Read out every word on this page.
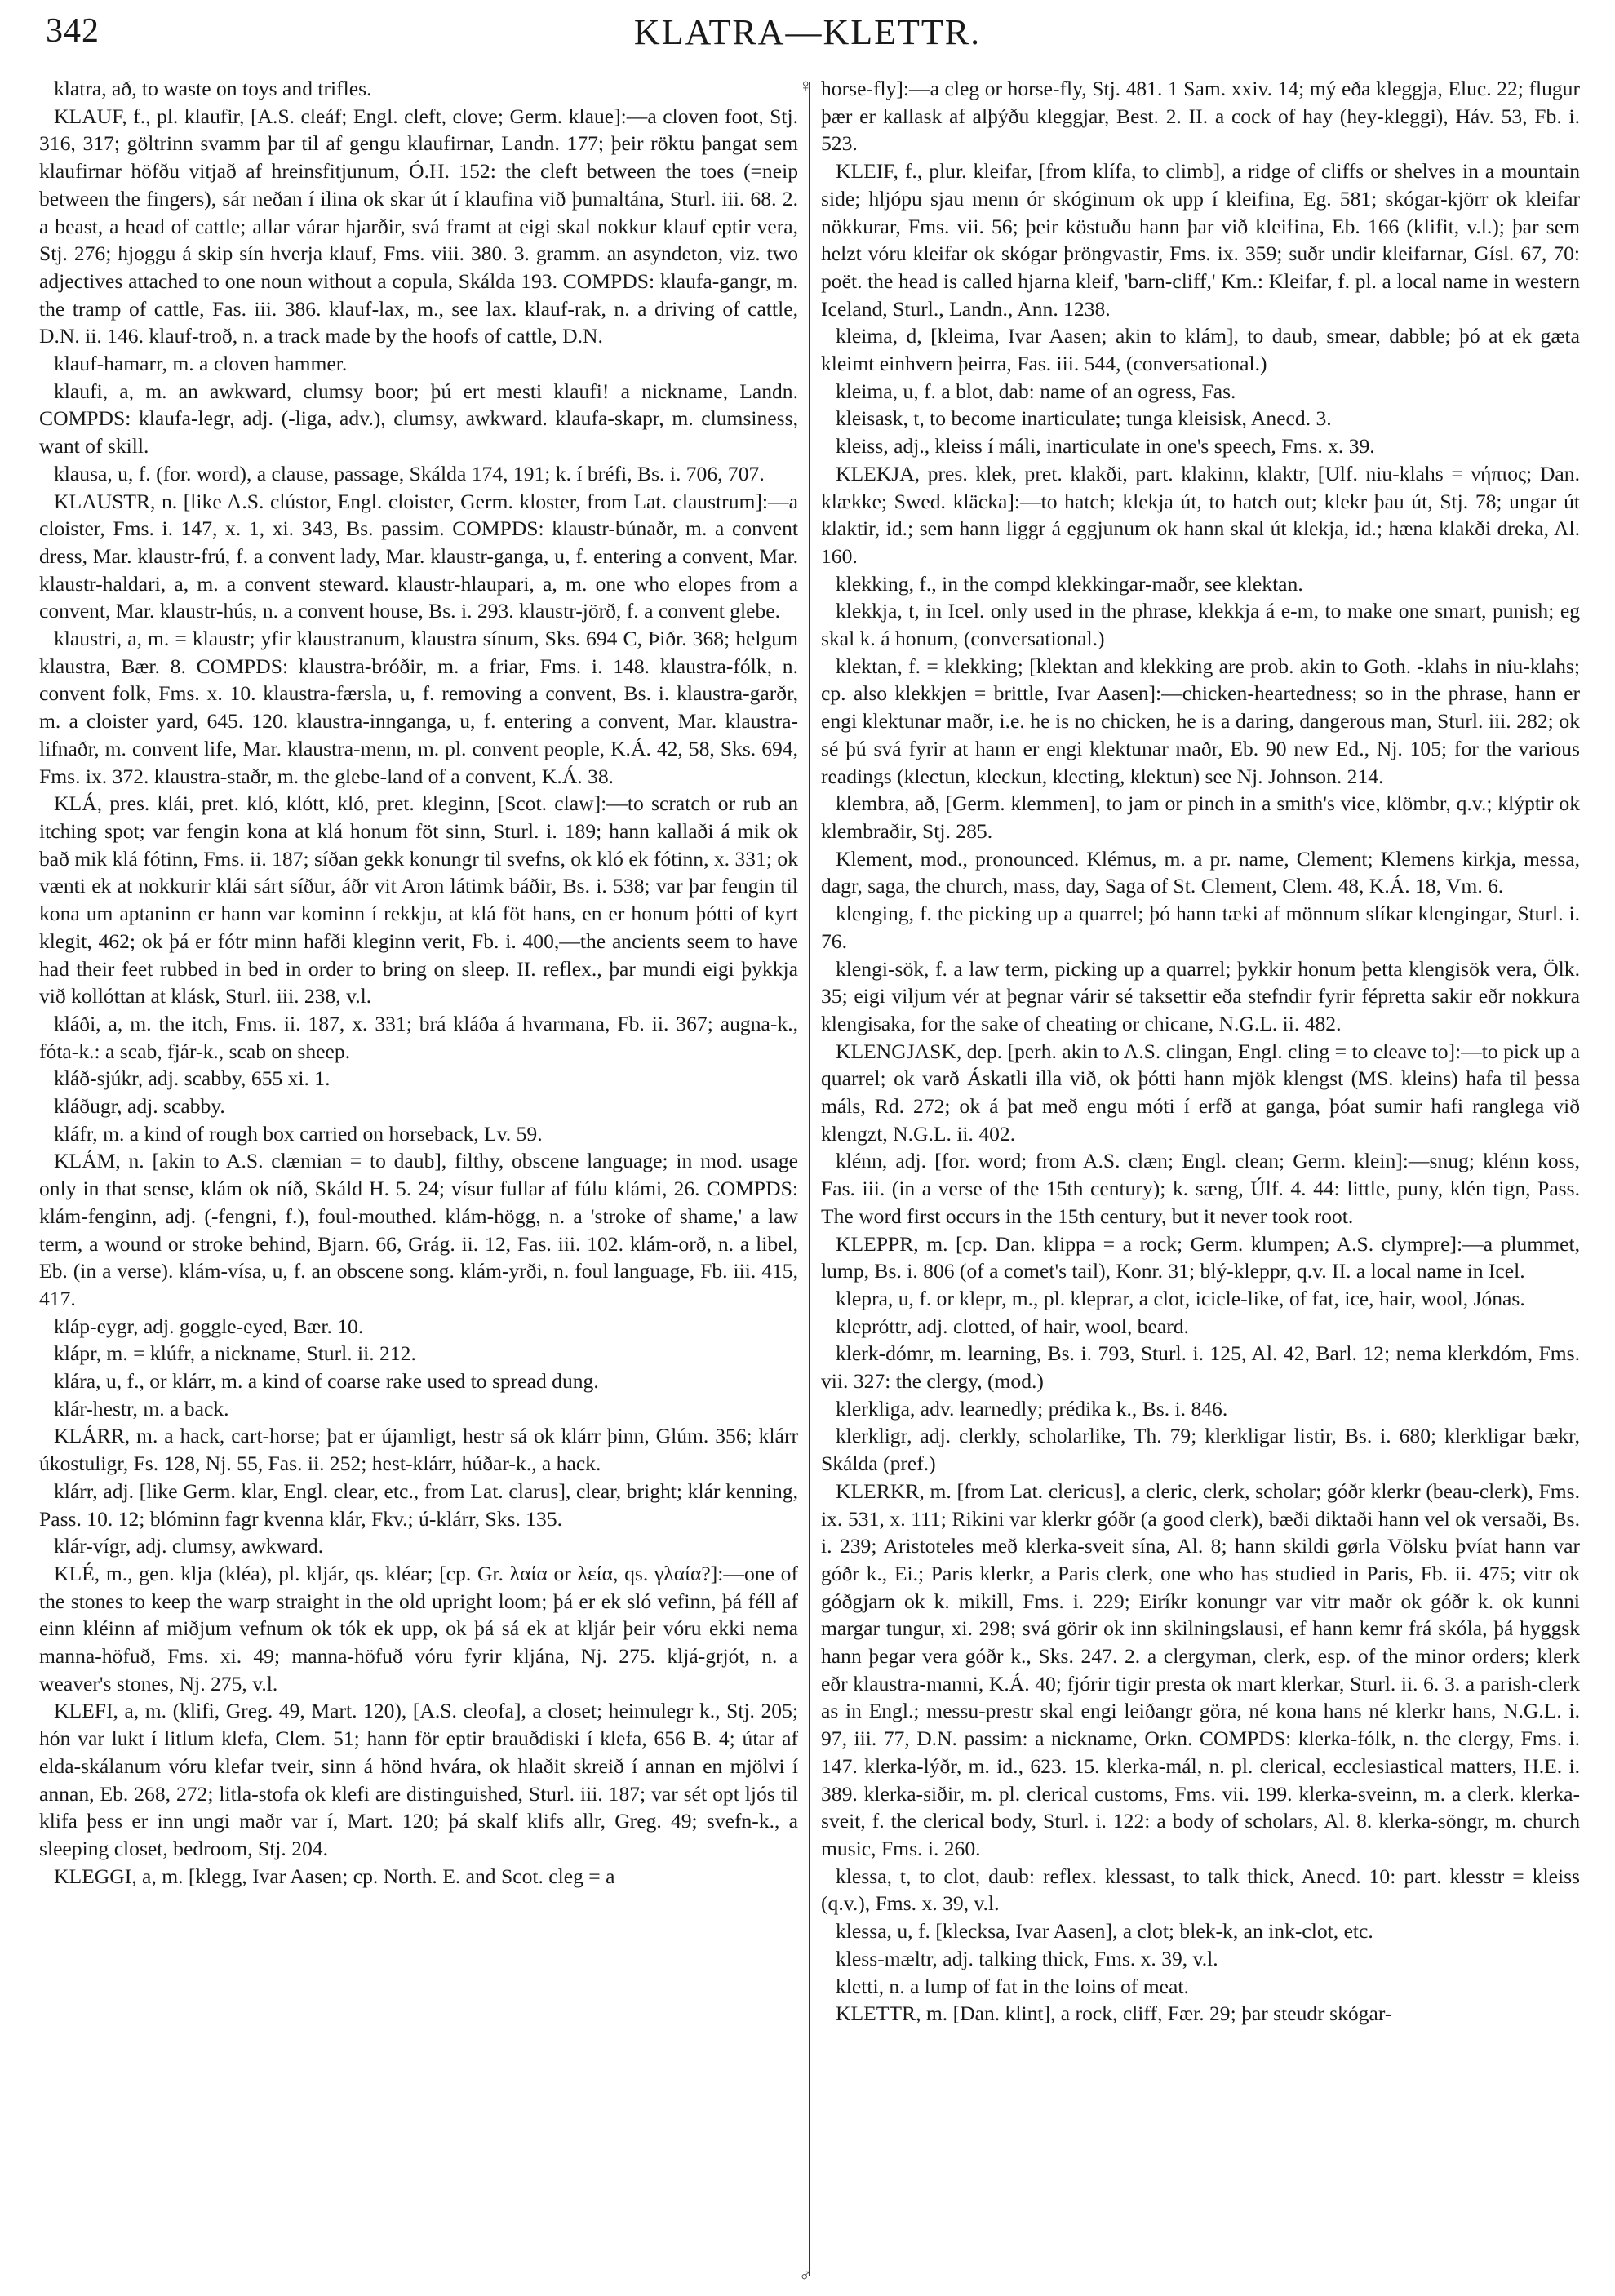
342	KLATRA—KLETTR.

klatra, að, to waste on toys and trifles.

KLAUF, f., pl. klaufir, [A.S. cleáf; Engl. cleft, clove; Germ. klaue]:—a cloven foot, Stj. 316, 317; göltrinn svamm þar til af gengu klaufirnar, Landn. 177; þeir röktu þangat sem klaufirnar höfðu vitjað af hreinsfitjunum, Ó.H. 152: the cleft between the toes (=neip between the fingers), sár neðan í ilina ok skar út í klaufina við þumaltána, Sturl. iii. 68. 2. a beast, a head of cattle; allar várar hjarðir, svá framt at eigi skal nokkur klauf eptir vera, Stj. 276; hjoggu á skip sín hverja klauf, Fms. viii. 380. 3. gramm. an asyndeton, viz. two adjectives attached to one noun without a copula, Skálda 193. COMPDS: klaufa-gangr, m. the tramp of cattle, Fas. iii. 386. klauf-lax, m., see lax. klauf-rak, n. a driving of cattle, D.N. ii. 146. klauf-troð, n. a track made by the hoofs of cattle, D.N.

klauf-hamarr, m. a cloven hammer.

klaufi, a, m. an awkward, clumsy boor; þú ert mesti klaufi! a nickname, Landn. COMPDS: klaufa-legr, adj. (-liga, adv.), clumsy, awkward. klaufa-skapr, m. clumsiness, want of skill.

klausa, u, f. (for. word), a clause, passage, Skálda 174, 191; k. í bréfi, Bs. i. 706, 707.

KLAUSTR, n. [like A.S. clústor, Engl. cloister, Germ. kloster, from Lat. claustrum]:—a cloister, Fms. i. 147, x. 1, xi. 343, Bs. passim. COMPDS: klaustr-búnaðr, m. a convent dress, Mar. klaustr-frú, f. a convent lady, Mar. klaustr-ganga, u, f. entering a convent, Mar. klaustr-haldari, a, m. a convent steward. klaustr-hlaupari, a, m. one who elopes from a convent, Mar. klaustr-hús, n. a convent house, Bs. i. 293. klaustr-jörð, f. a convent glebe.

klaustri, a, m. = klaustr; yfir klaustranum, klaustra sínum, Sks. 694 C, Þiðr. 368; helgum klaustra, Bær. 8. COMPDS: klaustra-bróðir, m. a friar, Fms. i. 148. klaustra-fólk, n. convent folk, Fms. x. 10. klaustra-færsla, u, f. removing a convent, Bs. i. klaustra-garðr, m. a cloister yard, 645. 120. klaustra-innganga, u, f. entering a convent, Mar. klaustra-lifnaðr, m. convent life, Mar. klaustra-menn, m. pl. convent people, K.Á. 42, 58, Sks. 694, Fms. ix. 372. klaustra-staðr, m. the glebe-land of a convent, K.Á. 38.

KLÁ, pres. klái, pret. kló, klótt, kló, pret. kleginn, [Scot. claw]:—to scratch or rub an itching spot; var fengin kona at klá honum föt sinn, Sturl. i. 189; hann kallaði á mik ok bað mik klá fótinn, Fms. ii. 187; síðan gekk konungr til svefns, ok kló ek fótinn, x. 331; ok vænti ek at nokkurir klái sárt síður, áðr vit Aron látimk báðir, Bs. i. 538; var þar fengin til kona um aptaninn er hann var kominn í rekkju, at klá föt hans, en er honum þótti of kyrt klegit, 462; ok þá er fótr minn hafði kleginn verit, Fb. i. 400,—the ancients seem to have had their feet rubbed in bed in order to bring on sleep. II. reflex., þar mundi eigi þykkja við kollóttan at klásk, Sturl. iii. 238, v.l.

kláði, a, m. the itch, Fms. ii. 187, x. 331; brá kláða á hvarmana, Fb. ii. 367; augna-k., fóta-k.: a scab, fjár-k., scab on sheep.

kláð-sjúkr, adj. scabby, 655 xi. 1.

kláðugr, adj. scabby.

kláfr, m. a kind of rough box carried on horseback, Lv. 59.

KLÁM, n. [akin to A.S. clæmian = to daub], filthy, obscene language; in mod. usage only in that sense, klám ok níð, Skáld H. 5. 24; vísur fullar af fúlu klámi, 26. COMPDS: klám-fenginn, adj. (-fengni, f.), foul-mouthed. klám-högg, n. a 'stroke of shame,' a law term, a wound or stroke behind, Bjarn. 66, Grág. ii. 12, Fas. iii. 102. klám-orð, n. a libel, Eb. (in a verse). klám-vísa, u, f. an obscene song. klám-yrði, n. foul language, Fb. iii. 415, 417.

kláp-eygr, adj. goggle-eyed, Bær. 10.

kláрr, m. = klúfr, a nickname, Sturl. ii. 212.

klára, u, f., or klárr, m. a kind of coarse rake used to spread dung.

klár-hestr, m. a back.

KLÁRR, m. a hack, cart-horse; þat er újamligt, hestr sá ok klárr þinn, Glúm. 356; klárr úkostuligr, Fs. 128, Nj. 55, Fas. ii. 252; hest-klárr, húðar-k., a hack.

klárr, adj. [like Germ. klar, Engl. clear, etc., from Lat. clarus], clear, bright; klár kenning, Pass. 10. 12; blóminn fagr kvenna klár, Fkv.; ú-klárr, Sks. 135.

klár-vígr, adj. clumsy, awkward.

KLÉ, m., gen. klja (kléa), pl. kljár, qs. kléar; [cp. Gr. λαία or λεία, qs. γλαία?]:—one of the stones to keep the warp straight in the old upright loom; þá er ek sló vefinn, þá féll af einn kléinn af miðjum vefnum ok tók ek upp, ok þá sá ek at kljár þeir vóru ekki nema manna-höfuð, Fms. xi. 49; manna-höfuð vóru fyrir kljána, Nj. 275. kljá-grjót, n. a weaver's stones, Nj. 275, v.l.

KLEFI, a, m. (klifi, Greg. 49, Mart. 120), [A.S. cleofa], a closet; heimulegr k., Stj. 205; hón var lukt í litlum klefa, Clem. 51; hann för eptir brauðdiski í klefa, 656 B. 4; útar af elda-skálanum vóru klefar tveir, sinn á hönd hvára, ok hlaðit skreið í annan en mjölvi í annan, Eb. 268, 272; litla-stofa ok klefi are distinguished, Sturl. iii. 187; var sét opt ljós til klifa þess er inn ungi maðr var í, Mart. 120; þá skalf klifs allr, Greg. 49; svefn-k., a sleeping closet, bedroom, Stj. 204.

KLEGGI, a, m. [klegg, Ivar Aasen; cp. North. E. and Scot. cleg = a

♀
♂

horse-fly]:—a cleg or horse-fly, Stj. 481. 1 Sam. xxiv. 14; mý eða kleggja, Eluc. 22; flugur þær er kallask af alþýðu kleggjar, Best. 2. II. a cock of hay (hey-kleggi), Háv. 53, Fb. i. 523.

KLEIF, f., plur. kleifar, [from klífa, to climb], a ridge of cliffs or shelves in a mountain side; hljópu sjau menn ór skóginum ok upp í kleifina, Eg. 581; skógar-kjörr ok kleifar nökkurar, Fms. vii. 56; þeir köstuðu hann þar við kleifina, Eb. 166 (klifit, v.l.); þar sem helzt vóru kleifar ok skógar þröngvastir, Fms. ix. 359; suðr undir kleifarnar, Gísl. 67, 70: poët. the head is called hjarna kleif, 'barn-cliff,' Km.: Kleifar, f. pl. a local name in western Iceland, Sturl., Landn., Ann. 1238.

kleima, d, [kleima, Ivar Aasen; akin to klám], to daub, smear, dabble; þó at ek gæta kleimt einhvern þeirra, Fas. iii. 544, (conversational.)

kleima, u, f. a blot, dab: name of an ogress, Fas.

kleisask, t, to become inarticulate; tunga kleisisk, Anecd. 3.

kleiss, adj., kleiss í máli, inarticulate in one's speech, Fms. x. 39.

KLEKJA, pres. klek, pret. klakði, part. klakinn, klaktr, [Ulf. niu-klahs = νήπιος; Dan. klække; Swed. kläcka]:—to hatch; klekja út, to hatch out; klekr þau út, Stj. 78; ungar út klaktir, id.; sem hann liggr á eggjunum ok hann skal út klekja, id.; hæna klakði dreka, Al. 160.

klekking, f., in the compd klekkingar-maðr, see klektan.

klekkja, t, in Icel. only used in the phrase, klekkja á e-m, to make one smart, punish; eg skal k. á honum, (conversational.)

klektan, f. = klekking; [klektan and klekking are prob. akin to Goth. -klahs in niu-klahs; cp. also klekkjen = brittle, Ivar Aasen]:—chicken-heartedness; so in the phrase, hann er engi klektunar maðr, i.e. he is no chicken, he is a daring, dangerous man, Sturl. iii. 282; ok sé þú svá fyrir at hann er engi klektunar maðr, Eb. 90 new Ed., Nj. 105; for the various readings (klectun, kleckun, klecting, klektun) see Nj. Johnson. 214.

klembra, að, [Germ. klemmen], to jam or pinch in a smith's vice, klömbr, q.v.; klýptir ok klembraðir, Stj. 285.

Klement, mod., pronounced. Klémus, m. a pr. name, Clement; Klemens kirkja, messa, dagr, saga, the church, mass, day, Saga of St. Clement, Clem. 48, K.Á. 18, Vm. 6.

klenging, f. the picking up a quarrel; þó hann tæki af mönnum slíkar klengingar, Sturl. i. 76.

klengi-sök, f. a law term, picking up a quarrel; þykkir honum þetta klengisök vera, Ölk. 35; eigi viljum vér at þegnar várir sé taksettir eða stefndir fyrir fépretta sakir eðr nokkura klengisaka, for the sake of cheating or chicane, N.G.L. ii. 482.

KLENGJASK, dep. [perh. akin to A.S. clingan, Engl. cling = to cleave to]:—to pick up a quarrel; ok varð Áskatli illa við, ok þótti hann mjök klengst (MS. kleins) hafa til þessa máls, Rd. 272; ok á þat með engu móti í erfð at ganga, þóat sumir hafi ranglega við klengzt, N.G.L. ii. 402.

klénn, adj. [for. word; from A.S. clæn; Engl. clean; Germ. klein]:—snug; klénn koss, Fas. iii. (in a verse of the 15th century); k. sæng, Úlf. 4. 44: little, puny, klén tign, Pass. The word first occurs in the 15th century, but it never took root.

KLEPPR, m. [cp. Dan. klippa = a rock; Germ. klumpen; A.S. clympre]:—a plummet, lump, Bs. i. 806 (of a comet's tail), Konr. 31; blý-kleppr, q.v. II. a local name in Icel.

klepra, u, f. or klepr, m., pl. kleprar, a clot, icicle-like, of fat, ice, hair, wool, Jónas.

klepróttr, adj. clotted, of hair, wool, beard.

klerk-dómr, m. learning, Bs. i. 793, Sturl. i. 125, Al. 42, Barl. 12; nema klerkdóm, Fms. vii. 327: the clergy, (mod.)

klerkliga, adv. learnedly; prédika k., Bs. i. 846.

klerkligr, adj. clerkly, scholarlike, Th. 79; klerkligar listir, Bs. i. 680; klerkligar bækr, Skálda (pref.)

KLERKR, m. [from Lat. clericus], a cleric, clerk, scholar; góðr klerkr (beau-clerk), Fms. ix. 531, x. 111; Rikini var klerkr góðr (a good clerk), bæði diktaði hann vel ok versaði, Bs. i. 239; Aristoteles með klerka-sveit sína, Al. 8; hann skildi gørla Völsku þvíat hann var góðr k., Ei.; Paris klerkr, a Paris clerk, one who has studied in Paris, Fb. ii. 475; vitr ok góðgjarn ok k. mikill, Fms. i. 229; Eiríkr konungr var vitr maðr ok góðr k. ok kunni margar tungur, xi. 298; svá görir ok inn skilningslausi, ef hann kemr frá skóla, þá hyggsk hann þegar vera góðr k., Sks. 247. 2. a clergyman, clerk, esp. of the minor orders; klerk eðr klaustra-manni, K.Á. 40; fjórir tigir presta ok mart klerkar, Sturl. ii. 6. 3. a parish-clerk as in Engl.; messu-prestr skal engi leiðangr göra, né kona hans né klerkr hans, N.G.L. i. 97, iii. 77, D.N. passim: a nickname, Orkn. COMPDS: klerka-fólk, n. the clergy, Fms. i. 147. klerka-lýðr, m. id., 623. 15. klerka-mál, n. pl. clerical, ecclesiastical matters, H.E. i. 389. klerka-siðir, m. pl. clerical customs, Fms. vii. 199. klerka-sveinn, m. a clerk. klerka-sveit, f. the clerical body, Sturl. i. 122: a body of scholars, Al. 8. klerka-söngr, m. church music, Fms. i. 260.

klessa, t, to clot, daub: reflex. klessast, to talk thick, Anecd. 10: part. klesstr = kleiss (q.v.), Fms. x. 39, v.l.

klessa, u, f. [klecksa, Ivar Aasen], a clot; blek-k, an ink-clot, etc.

kless-mæltr, adj. talking thick, Fms. x. 39, v.l.

kletti, n. a lump of fat in the loins of meat.

KLETTR, m. [Dan. klint], a rock, cliff, Fær. 29; þar steudr skógar-
